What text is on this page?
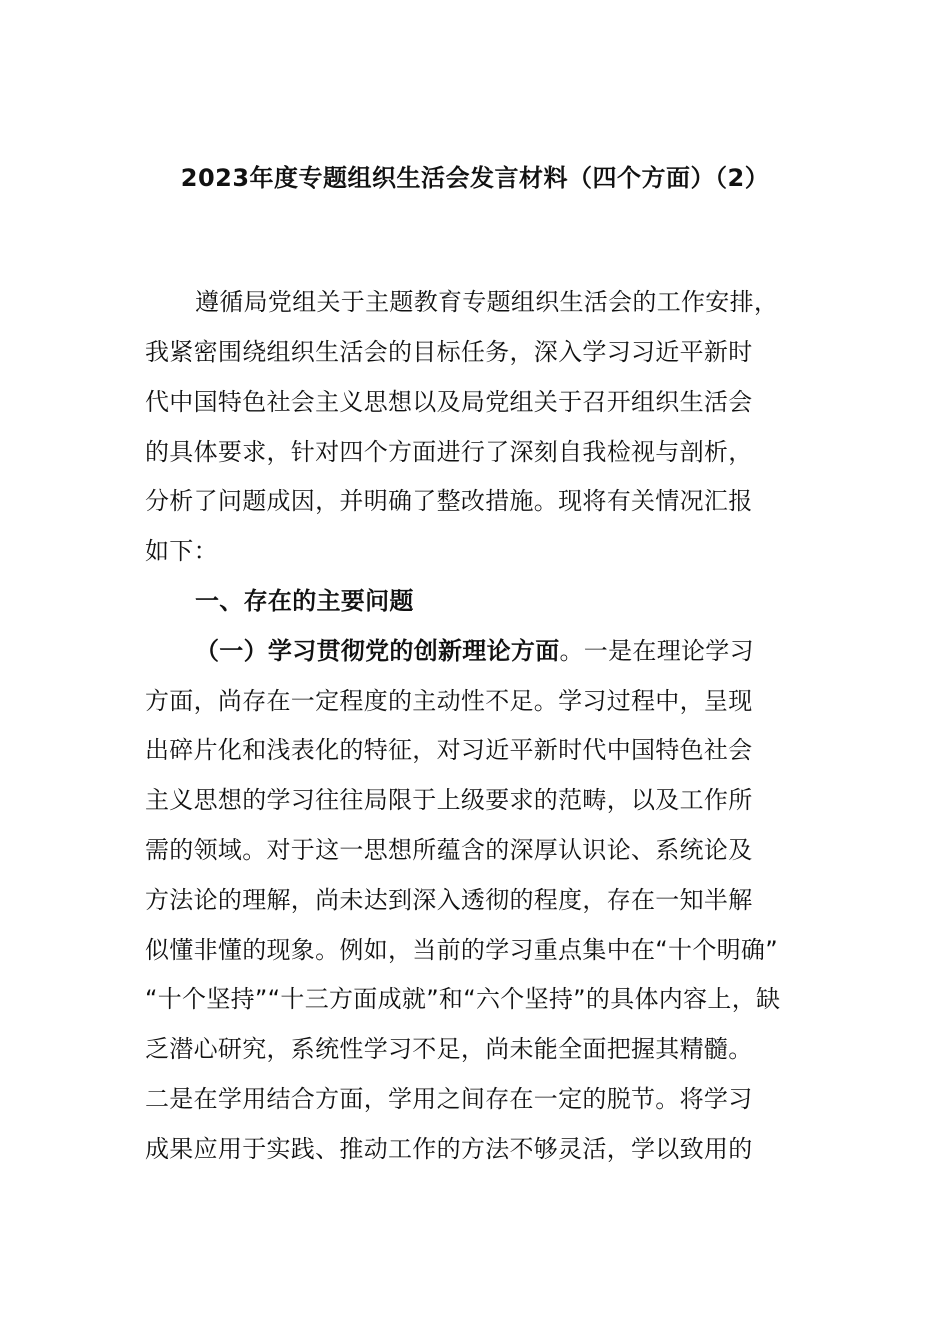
2023年度专题组织生活会发言材料（四个方面）（2）
遵循局党组关于主题教育专题组织生活会的工作安排，
我紧密围绕组织生活会的目标任务，深入学习习近平新时
代中国特色社会主义思想以及局党组关于召开组织生活会
的具体要求，针对四个方面进行了深刻自我检视与剖析，
分析了问题成因，并明确了整改措施。现将有关情况汇报
如下：
一、存在的主要问题
（一）学习贯彻党的创新理论方面。一是在理论学习
方面，尚存在一定程度的主动性不足。学习过程中，呈现
出碎片化和浅表化的特征，对习近平新时代中国特色社会
主义思想的学习往往局限于上级要求的范畴，以及工作所
需的领域。对于这一思想所蕴含的深厚认识论、系统论及
方法论的理解，尚未达到深入透彻的程度，存在一知半解
似懂非懂的现象。例如，当前的学习重点集中在“十个明确”
“十个坚持”“十三方面成就”和“六个坚持”的具体内容上，缺
乏潜心研究，系统性学习不足，尚未能全面把握其精髓。
二是在学用结合方面，学用之间存在一定的脱节。将学习
成果应用于实践、推动工作的方法不够灵活，学以致用的
